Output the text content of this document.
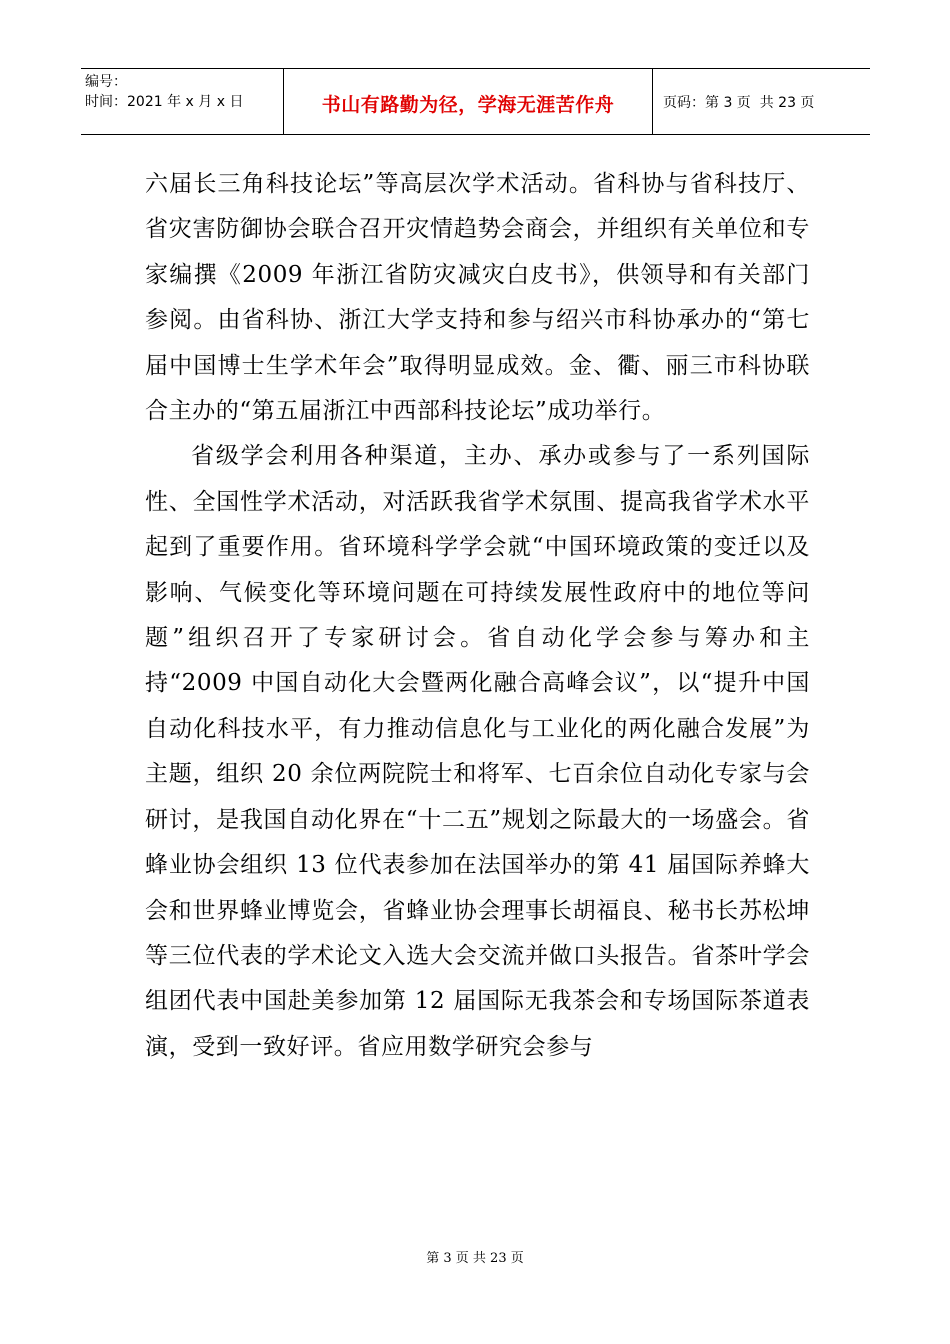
编号：
时间：2021 年 x 月 x 日	书山有路勤为径，学海无涯苦作舟	页码：第 3 页  共 23 页

六届长三角科技论坛”等高层次学术活动。省科协与省科技厅、省灾害防御协会联合召开灾情趋势会商会，并组织有关单位和专家编撰《2009 年浙江省防灾减灾白皮书》，供领导和有关部门参阅。由省科协、浙江大学支持和参与绍兴市科协承办的“第七届中国博士生学术年会”取得明显成效。金、衢、丽三市科协联合主办的“第五届浙江中西部科技论坛”成功举行。

省级学会利用各种渠道，主办、承办或参与了一系列国际性、全国性学术活动，对活跃我省学术氛围、提高我省学术水平起到了重要作用。省环境科学学会就“中国环境政策的变迁以及影响、气候变化等环境问题在可持续发展性政府中的地位等问题”组织召开了专家研讨会。省自动化学会参与筹办和主持“2009 中国自动化大会暨两化融合高峰会议”，以“提升中国自动化科技水平，有力推动信息化与工业化的两化融合发展”为主题，组织 20 余位两院院士和将军、七百余位自动化专家与会研讨，是我国自动化界在“十二五”规划之际最大的一场盛会。省蜂业协会组织 13 位代表参加在法国举办的第 41 届国际养蜂大会和世界蜂业博览会，省蜂业协会理事长胡福良、秘书长苏松坤等三位代表的学术论文入选大会交流并做口头报告。省茶叶学会组团代表中国赴美参加第 12 届国际无我茶会和专场国际茶道表演，受到一致好评。省应用数学研究会参与

第 3 页 共 23 页
